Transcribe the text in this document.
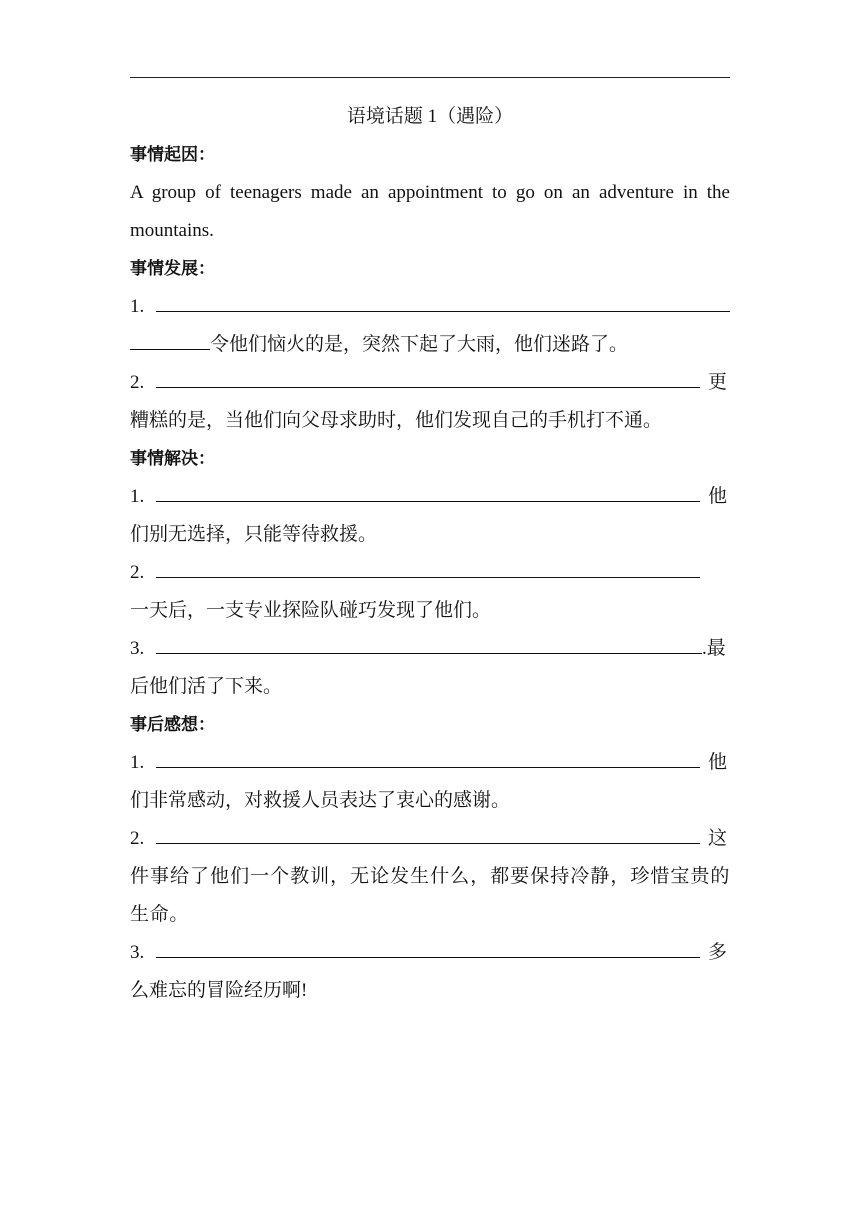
语境话题 1（遇险）
事情起因：

A group of teenagers made an appointment to go on an adventure in the mountains.

事情发展：
1.
令他们恼火的是，突然下起了大雨，他们迷路了。
2.	更
糟糕的是，当他们向父母求助时，他们发现自己的手机打不通。
事情解决：
1.	他
们别无选择，只能等待救援。
2.
一天后，一支专业探险队碰巧发现了他们。
3.	.最
后他们活了下来。
事后感想：
1.	他
们非常感动，对救援人员表达了衷心的感谢。
2.	这
件事给了他们一个教训，无论发生什么，都要保持冷静，珍惜宝贵的生命。
3.	多
么难忘的冒险经历啊!
